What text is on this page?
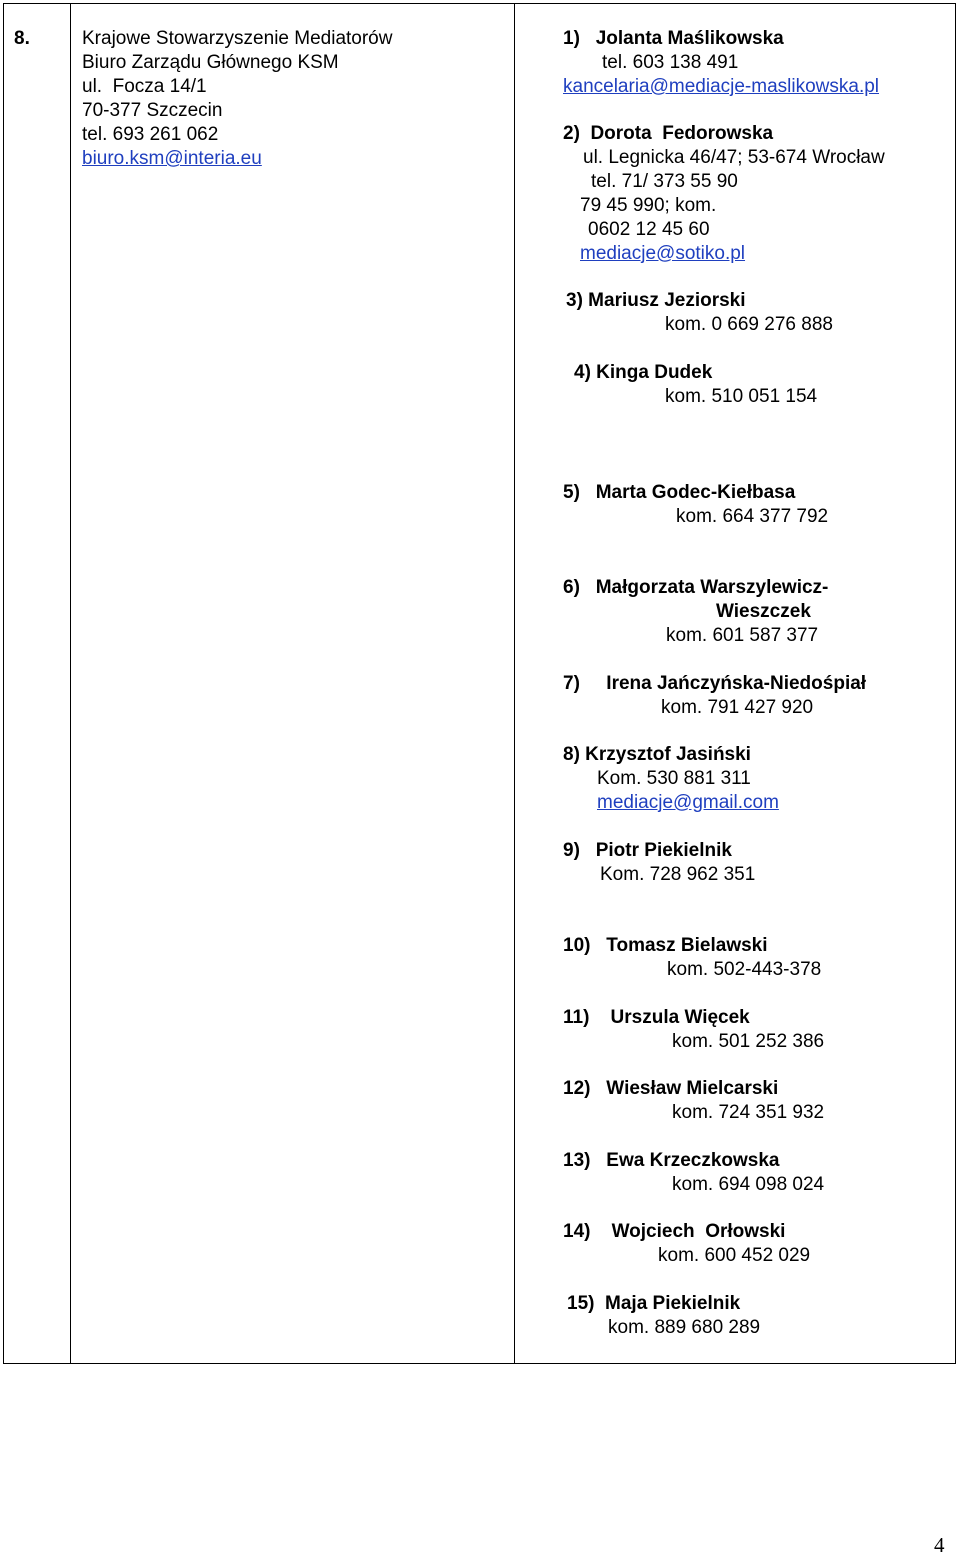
8.	Krajowe Stowarzyszenie Mediatorów
Biuro Zarządu Głównego KSM
ul.  Focza 14/1
70-377 Szczecin
tel. 693 261 062
biuro.ksm@interia.eu
1)   Jolanta Maślikowska
tel. 603 138 491
kancelaria@mediacje-maslikowska.pl
2)  Dorota  Fedorowska
ul. Legnicka 46/47; 53-674 Wrocław
tel. 71/ 373 55 90
79 45 990; kom.
0602 12 45 60
mediacje@sotiko.pl
3) Mariusz Jeziorski
kom. 0 669 276 888
4) Kinga Dudek
kom. 510 051 154
5)   Marta Godec-Kiełbasa
kom. 664 377 792
6)   Małgorzata Warszylewicz-
Wieszczek
kom. 601 587 377
7)     Irena Jańczyńska-Niedośpiał
kom. 791 427 920
8) Krzysztof Jasiński
Kom. 530 881 311
mediacje@gmail.com
9)   Piotr Piekielnik
Kom. 728 962 351
10)   Tomasz Bielawski
kom. 502-443-378
11)    Urszula Więcek
kom. 501 252 386
12)   Wiesław Mielcarski
kom. 724 351 932
13)   Ewa Krzeczkowska
kom. 694 098 024
14)    Wojciech  Orłowski
kom. 600 452 029
15)  Maja Piekielnik
kom. 889 680 289
4
